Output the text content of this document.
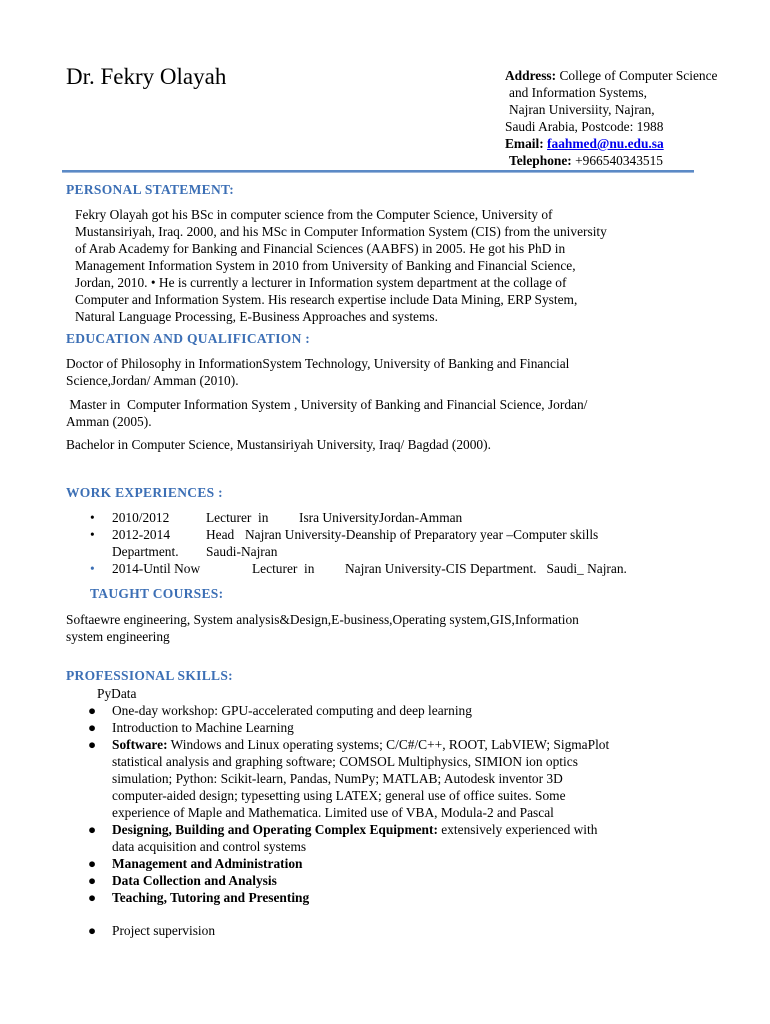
Dr. Fekry Olayah	Address: College of Computer Science
and Information Systems,
Najran Universiity, Najran,
Saudi Arabia, Postcode: 1988
Email: faahmed@nu.edu.sa
Telephone: +966540343515
PERSONAL STATEMENT:
Fekry Olayah got his BSc in computer science from the Computer Science, University of
Mustansiriyah, Iraq. 2000, and his MSc in Computer Information System (CIS) from the university
of Arab Academy for Banking and Financial Sciences (AABFS) in 2005. He got his PhD in
Management Information System in 2010 from University of Banking and Financial Science,
Jordan, 2010. • He is currently a lecturer in Information system department at the collage of
Computer and Information System. His research expertise include Data Mining, ERP System,
Natural Language Processing, E-Business Approaches and systems.
EDUCATION AND QUALIFICATION :
Doctor of Philosophy in InformationSystem Technology, University of Banking and Financial
Science,Jordan/ Amman (2010).
Master in  Computer Information System , University of Banking and Financial Science, Jordan/
Amman (2005).
Bachelor in Computer Science, Mustansiriyah University, Iraq/ Bagdad (2000).
WORK EXPERIENCES :
• 2010/2012	Lecturer  in Isra UniversityJordan-Amman
• 2012-2014	Head Najran University-Deanship of Preparatory year –Computer skills
Department. Saudi-Najran
• 2014-Until Now	Lecturer  in Najran University-CIS Department.   Saudi_ Najran.
TAUGHT COURSES:
Softaewre engineering, System analysis&Design,E-business,Operating system,GIS,Information
system engineering
PROFESSIONAL SKILLS:
PyData
● One-day workshop: GPU-accelerated computing and deep learning
● Introduction to Machine Learning
● Software: Windows and Linux operating systems; C/C#/C++, ROOT, LabVIEW; SigmaPlot
statistical analysis and graphing software; COMSOL Multiphysics, SIMION ion optics
simulation; Python: Scikit-learn, Pandas, NumPy; MATLAB; Autodesk inventor 3D
computer-aided design; typesetting using LATEX; general use of office suites. Some
experience of Maple and Mathematica. Limited use of VBA, Modula-2 and Pascal
● Designing, Building and Operating Complex Equipment: extensively experienced with
data acquisition and control systems
● Management and Administration
● Data Collection and Analysis
● Teaching, Tutoring and Presenting
● Project supervision
